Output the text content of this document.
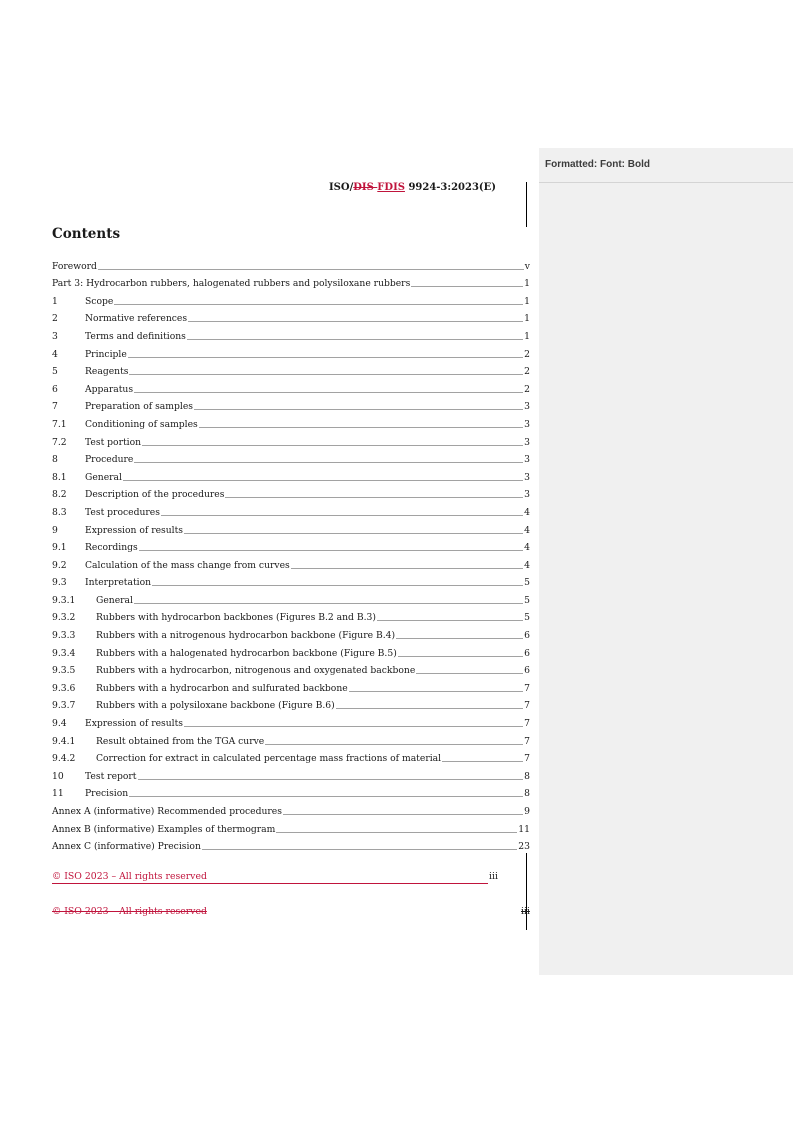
Formatted: Font: Bold
ISO/DIS FDIS 9924-3:2023(E)
Contents
Foreword	v
Part 3: Hydrocarbon rubbers, halogenated rubbers and polysiloxane rubbers	1
1	Scope	1
2	Normative references	1
3	Terms and definitions	1
4	Principle	2
5	Reagents	2
6	Apparatus	2
7	Preparation of samples	3
7.1	Conditioning of samples	3
7.2	Test portion	3
8	Procedure	3
8.1	General	3
8.2	Description of the procedures	3
8.3	Test procedures	4
9	Expression of results	4
9.1	Recordings	4
9.2	Calculation of the mass change from curves	4
9.3	Interpretation	5
9.3.1	General	5
9.3.2	Rubbers with hydrocarbon backbones (Figures B.2 and B.3)	5
9.3.3	Rubbers with a nitrogenous hydrocarbon backbone (Figure B.4)	6
9.3.4	Rubbers with a halogenated hydrocarbon backbone (Figure B.5)	6
9.3.5	Rubbers with a hydrocarbon, nitrogenous and oxygenated backbone	6
9.3.6	Rubbers with a hydrocarbon and sulfurated backbone	7
9.3.7	Rubbers with a polysiloxane backbone (Figure B.6)	7
9.4	Expression of results	7
9.4.1	Result obtained from the TGA curve	7
9.4.2	Correction for extract in calculated percentage mass fractions of material	7
10	Test report	8
11	Precision	8
Annex A (informative) Recommended procedures	9
Annex B (informative) Examples of thermogram	11
Annex C (informative) Precision	23
© ISO 2023 – All rights reserved	iii
© ISO 2023 – All rights reserved	iii
